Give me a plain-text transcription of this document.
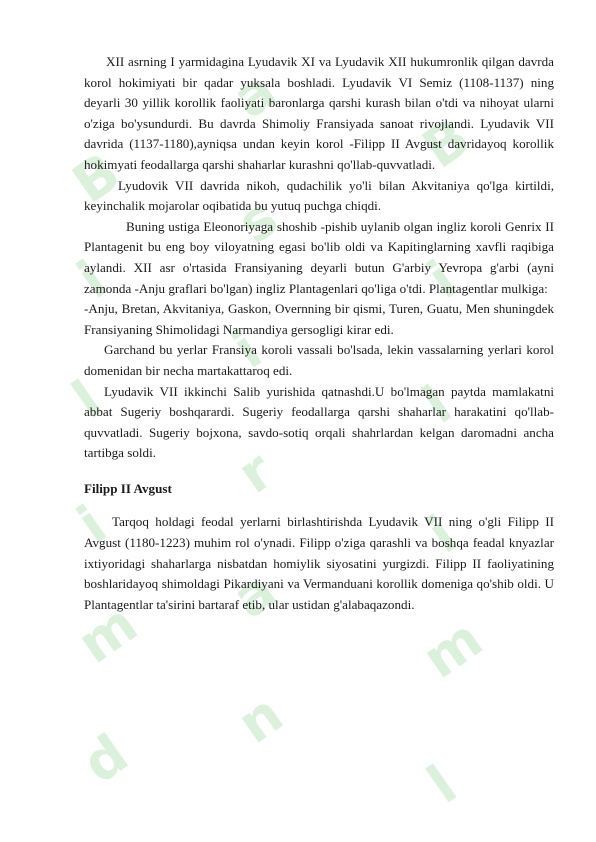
B
i
l
i
m
d
a
s
i
r
a
n
B
i
l
i
m
l

XII asrning I yarmidagina Lyudavik XI va Lyudavik XII hukumronlik qilgan davrda korol hokimiyati bir qadar yuksala boshladi. Lyudavik VI Semiz (1108-1137) ning deyarli 30 yillik korollik faoliyati baronlarga qarshi kurash bilan o'tdi va nihoyat ularni o'ziga bo'ysundurdi. Bu davrda Shimoliy Fransiyada sanoat rivojlandi. Lyudavik VII davrida (1137-1180),ayniqsa undan keyin korol -Filipp II Avgust davridayoq korollik hokimyati feodallarga qarshi shaharlar kurashni qo'llab-quvvatladi.

Lyudovik VII davrida nikoh, qudachilik yo'li bilan Akvitaniya qo'lga kirtildi, keyinchalik mojarolar oqibatida bu yutuq puchga chiqdi.

Buning ustiga Eleonoriyaga shoshib -pishib uylanib olgan ingliz koroli Genrix II Plantagenit bu eng boy viloyatning egasi bo'lib oldi va Kapitinglarning xavfli raqibiga aylandi. XII asr o'rtasida Fransiyaning deyarli butun G'arbiy Yevropa g'arbi (ayni zamonda -Anju graflari bo'lgan) ingliz Plantagenlari qo'liga o'tdi. Plantagentlar mulkiga:

-Anju, Bretan, Akvitaniya, Gaskon, Overnning bir qismi, Turen, Guatu, Men shuningdek Fransiyaning Shimolidagi Narmandiya gersogligi kirar edi.

Garchand bu yerlar Fransiya koroli vassali bo'lsada, lekin vassalarning yerlari korol domenidan bir necha martakattaroq edi.

Lyudavik VII ikkinchi Salib yurishida qatnashdi.U bo'lmagan paytda mamlakatni abbat Sugeriy boshqarardi. Sugeriy feodallarga qarshi shaharlar harakatini qo'llab-quvvatladi. Sugeriy bojxona, savdo-sotiq orqali shahrlardan kelgan daromadni ancha tartibga soldi.

Filipp II Avgust

Tarqoq holdagi feodal yerlarni birlashtirishda Lyudavik VII ning o'gli Filipp II Avgust (1180-1223) muhim rol o'ynadi. Filipp o'ziga qarashli va boshqa feadal knyazlar ixtiyoridagi shaharlarga nisbatdan homiylik siyosatini yurgizdi. Filipp II faoliyatining boshlaridayoq shimoldagi Pikardiyani va Vermanduani korollik domeniga qo'shib oldi. U Plantagentlar ta'sirini bartaraf etib, ular ustidan g'alabaqazondi.
